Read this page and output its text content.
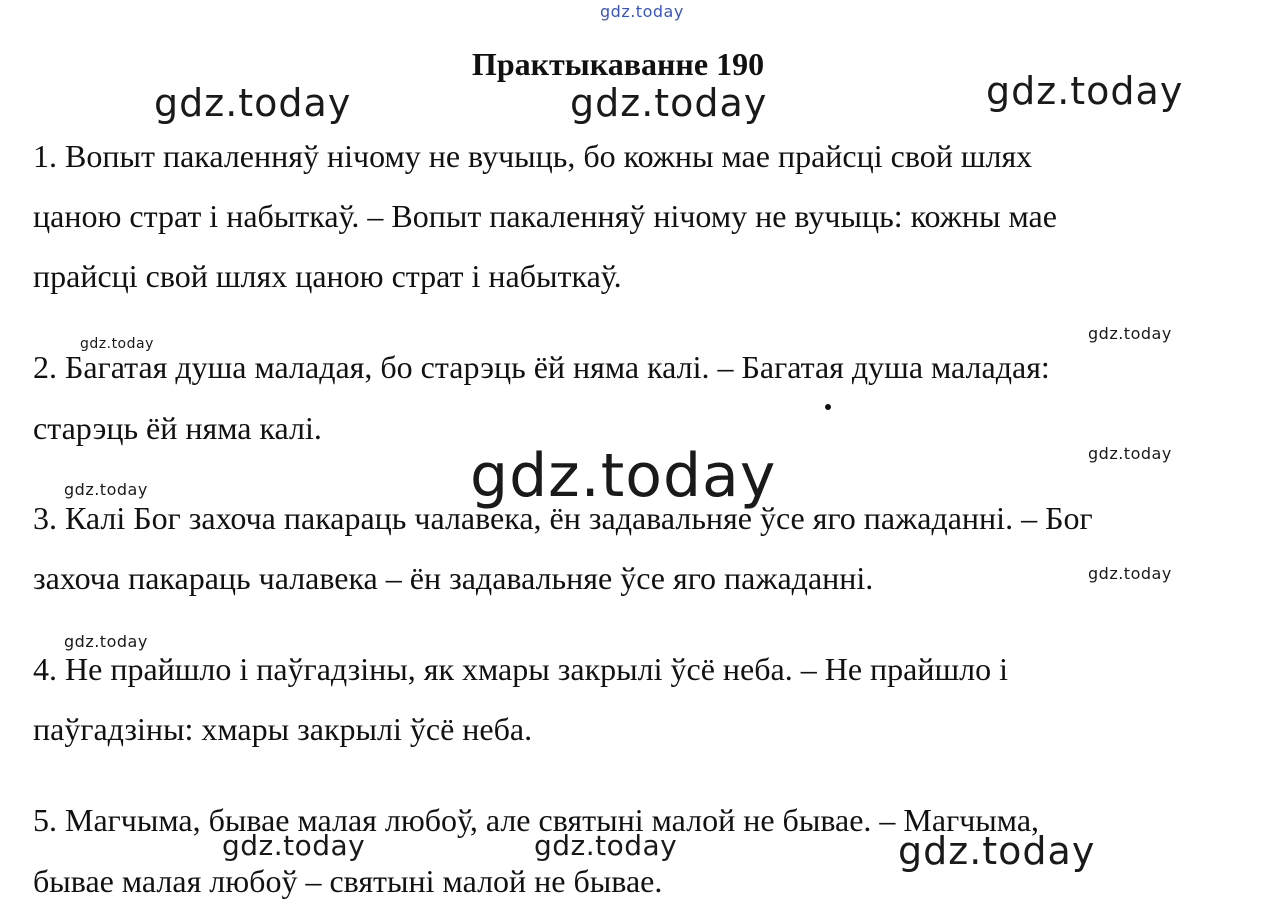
gdz.today
gdz.today	gdz.today	gdz.today
gdz.today
gdz.today
gdz.today
gdz.today
gdz.today
gdz.today
gdz.today
gdz.today	gdz.today	gdz.today
Практыкаванне 190
1. Вопыт пакаленняў нічому не вучыць, бо кожны мае прайсці свой шлях
цаною страт і набыткаў. – Вопыт пакаленняў нічому не вучыць: кожны мае
прайсці свой шлях цаною страт і набыткаў.
2. Багатая душа маладая, бо старэць ёй няма калі. – Багатая душа маладая:
старэць ёй няма калі.
3. Калі Бог захоча пакараць чалавека, ён задавальняе ўсе яго пажаданні. – Бог
захоча пакараць чалавека – ён задавальняе ўсе яго пажаданні.
4. Не прайшло і паўгадзіны, як хмары закрылі ўсё неба. – Не прайшло і
паўгадзіны: хмары закрылі ўсё неба.
5. Магчыма, бывае малая любоў, але святыні малой не бывае. – Магчыма,
бывае малая любоў – святыні малой не бывае.
